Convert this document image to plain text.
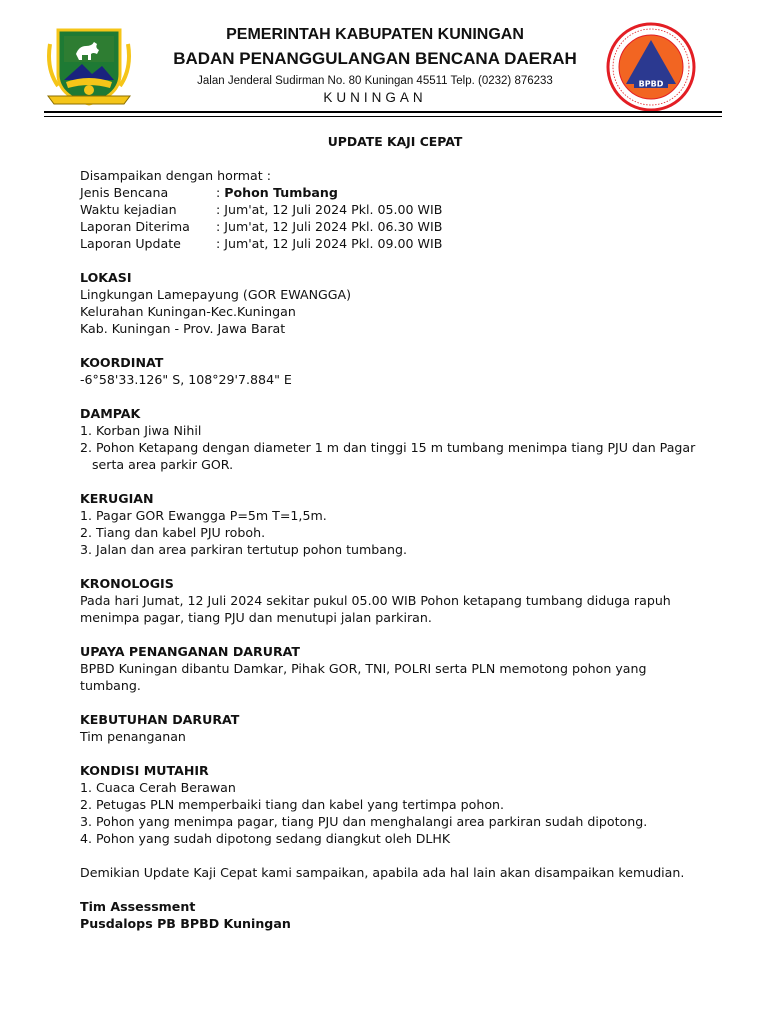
PEMERINTAH KABUPATEN KUNINGAN
BADAN PENANGGULANGAN BENCANA DAERAH
Jalan Jenderal Sudirman No. 80 Kuningan 45511 Telp. (0232) 876233
KUNINGAN
BPBD
UPDATE KAJI CEPAT

Disampaikan dengan hormat :

Jenis Bencana	: Pohon Tumbang
Waktu kejadian	: Jum'at, 12 Juli 2024 Pkl. 05.00 WIB
Laporan Diterima	: Jum'at, 12 Juli 2024 Pkl. 06.30 WIB
Laporan Update	: Jum'at, 12 Juli 2024 Pkl. 09.00 WIB

LOKASI

Lingkungan Lamepayung (GOR EWANGGA)

Kelurahan Kuningan-Kec.Kuningan

Kab. Kuningan - Prov. Jawa Barat

KOORDINAT

-6°58'33.126" S, 108°29'7.884" E

DAMPAK

1. Korban Jiwa Nihil

2. Pohon Ketapang dengan diameter 1 m dan tinggi 15 m tumbang menimpa tiang PJU dan Pagar serta area parkir GOR.

KERUGIAN

1. Pagar GOR Ewangga P=5m T=1,5m.

2. Tiang dan kabel PJU roboh.

3. Jalan dan area parkiran tertutup pohon tumbang.

KRONOLOGIS

Pada hari Jumat, 12 Juli 2024 sekitar pukul 05.00 WIB Pohon ketapang tumbang diduga rapuh menimpa pagar, tiang PJU dan menutupi jalan parkiran.

UPAYA PENANGANAN DARURAT

BPBD Kuningan dibantu Damkar, Pihak GOR, TNI, POLRI serta PLN memotong pohon yang tumbang.

KEBUTUHAN DARURAT

Tim penanganan

KONDISI MUTAHIR

1. Cuaca Cerah Berawan

2. Petugas PLN memperbaiki tiang dan kabel yang tertimpa pohon.

3. Pohon yang menimpa pagar, tiang PJU dan menghalangi area parkiran sudah dipotong.

4. Pohon yang sudah dipotong sedang diangkut oleh DLHK

Demikian Update Kaji Cepat kami sampaikan, apabila ada hal lain akan disampaikan kemudian.

Tim Assessment

Pusdalops PB BPBD Kuningan
